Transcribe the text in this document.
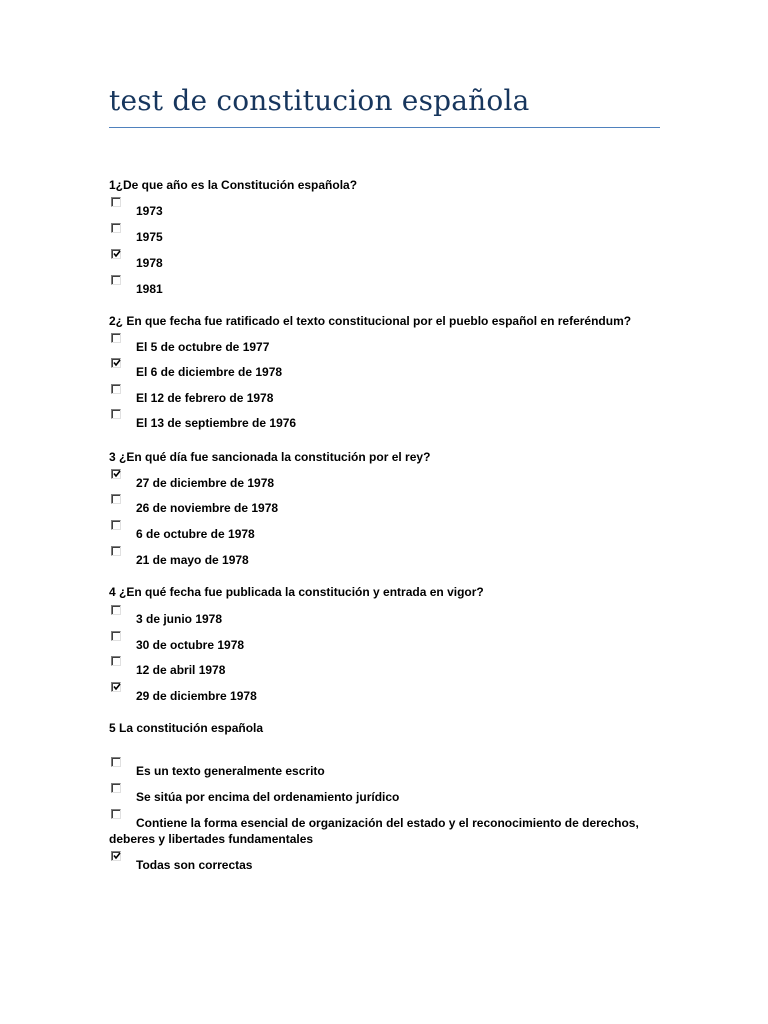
test de constitucion española
1¿De que año es la Constitución española?
1973
1975
1978
1981
2¿ En que fecha fue ratificado el texto constitucional por el pueblo español en referéndum?
El 5 de octubre de 1977
El 6 de diciembre de 1978
El 12 de febrero de 1978
El 13 de septiembre de 1976
3 ¿En qué día fue sancionada la constitución por el rey?
27 de diciembre de 1978
26 de noviembre de 1978
6 de octubre de 1978
21 de mayo de 1978
4 ¿En qué fecha fue publicada la constitución y entrada en vigor?
3 de junio 1978
30 de octubre 1978
12 de abril 1978
29 de diciembre 1978
5 La constitución española
Es un texto generalmente escrito
Se sitúa por encima del ordenamiento jurídico
Contiene la forma esencial de organización del estado y el reconocimiento de derechos, deberes y libertades fundamentales
Todas son correctas
